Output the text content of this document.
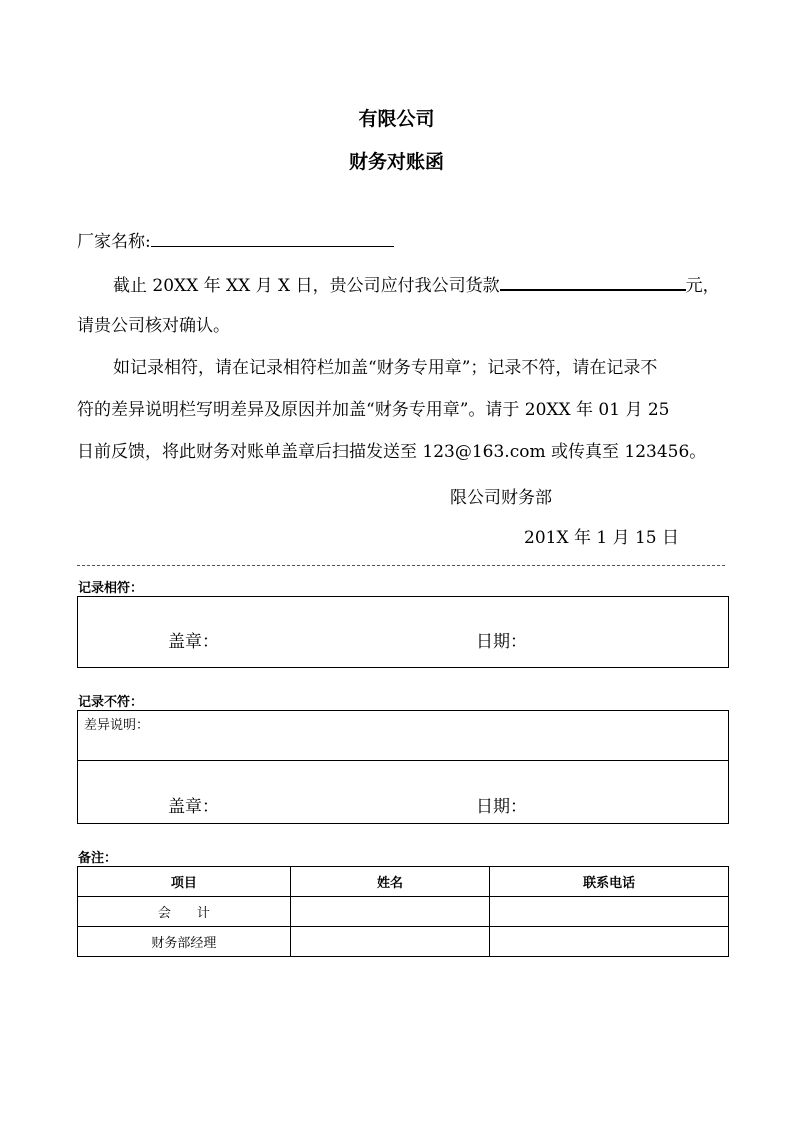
有限公司
财务对账函
厂家名称:
截止 20XX 年 XX 月 X 日，贵公司应付我公司货款	元，
请贵公司核对确认。
如记录相符，请在记录相符栏加盖“财务专用章”；记录不符，请在记录不
符的差异说明栏写明差异及原因并加盖“财务专用章”。请于 20XX 年 01 月 25
日前反馈，将此财务对账单盖章后扫描发送至 123@163.com 或传真至 123456。
限公司财务部
201X 年 1 月 15 日
记录相符：
盖章：	日期：
记录不符：
差异说明：
盖章：	日期：
备注：
项目	姓名	联系电话
会　　计		
财务部经理		
